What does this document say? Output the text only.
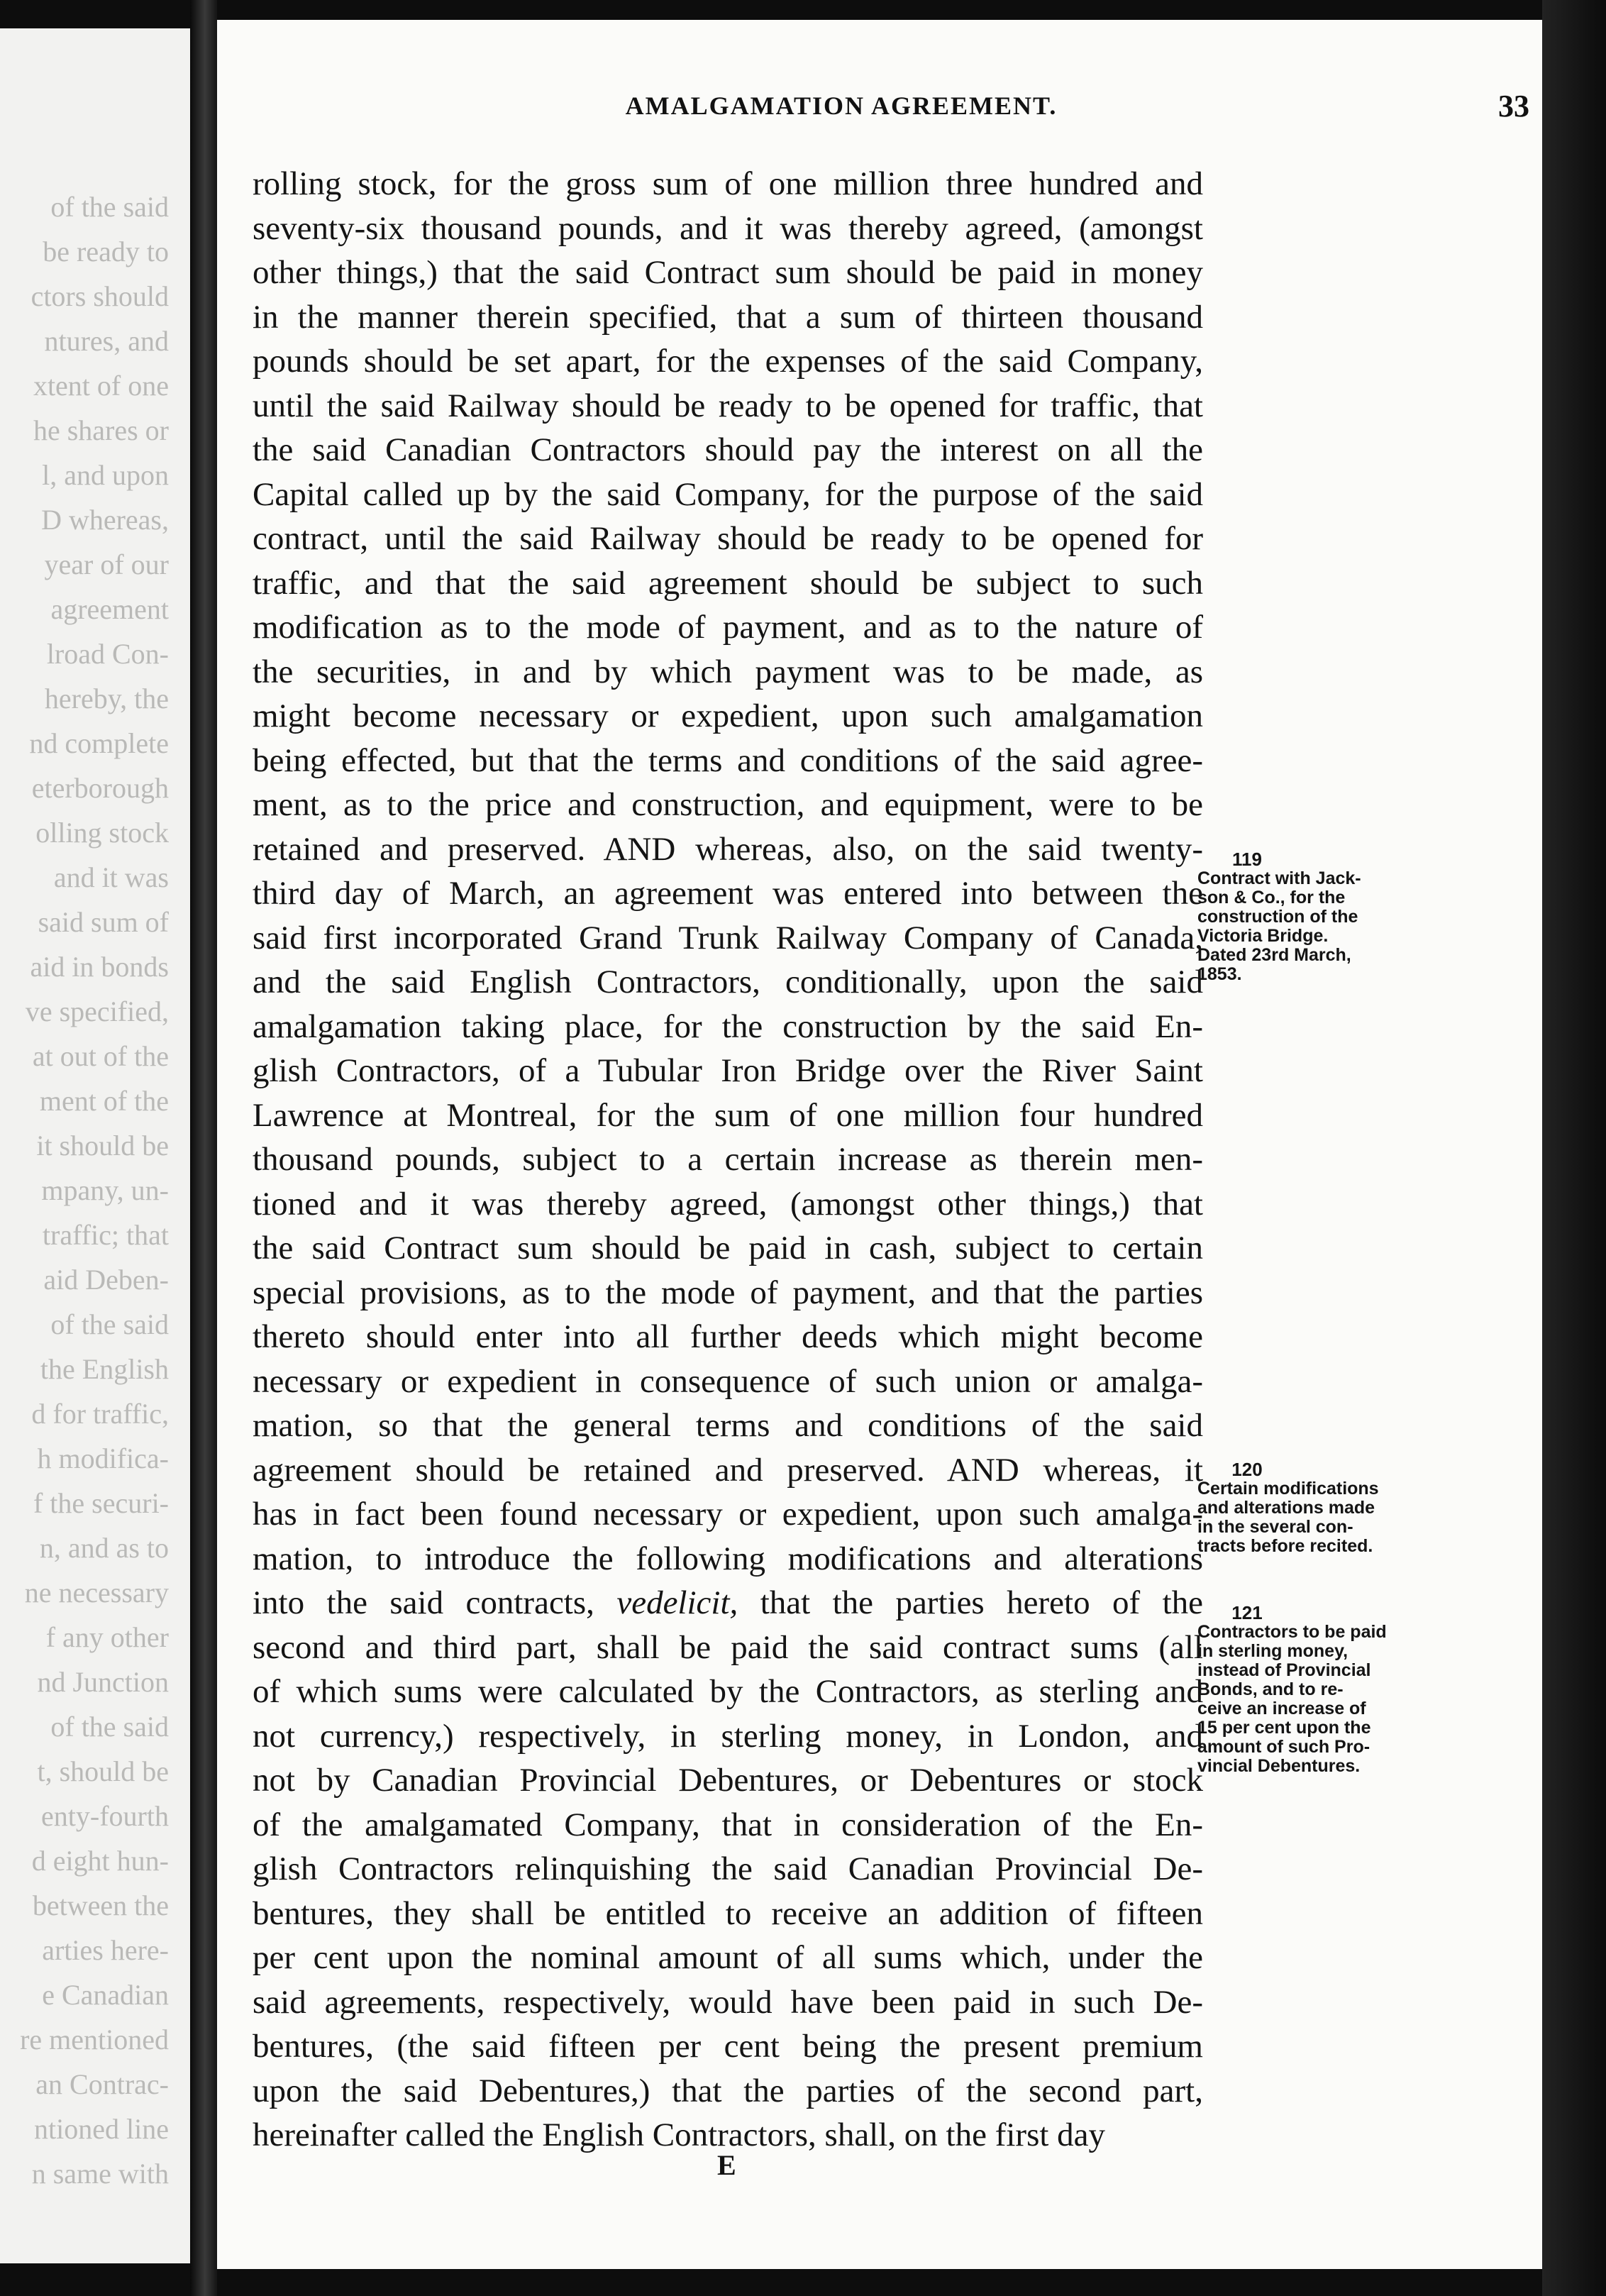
of the said
be ready to
ctors should
ntures, and
xtent of one
he shares or
l, and upon
D whereas,
year of our
agreement
lroad Con-
hereby, the
nd complete
eterborough
olling stock
and it was
said sum of
aid in bonds
ve specified,
at out of the
ment of the
it should be
mpany, un-
traffic; that
aid Deben-
of the said
the English
d for traffic,
h modifica-
f the securi-
n, and as to
ne necessary
f any other
nd Junction
of the said
t, should be
enty-fourth
d eight hun-
between the
arties here-
e Canadian
re mentioned
an Contrac-
ntioned line
n same with
AMALGAMATION AGREEMENT.	33
rolling stock, for the gross sum of one million three hundred and
seventy-six thousand pounds, and it was thereby agreed, (amongst
other things,) that the said Contract sum should be paid in money
in the manner therein specified, that a sum of thirteen thousand
pounds should be set apart, for the expenses of the said Company,
until the said Railway should be ready to be opened for traffic, that
the said Canadian Contractors should pay the interest on all the
Capital called up by the said Company, for the purpose of the said
contract, until the said Railway should be ready to be opened for
traffic, and that the said agreement should be subject to such
modification as to the mode of payment, and as to the nature of
the securities, in and by which payment was to be made, as
might become necessary or expedient, upon such amalgamation
being effected, but that the terms and conditions of the said agree-
ment, as to the price and construction, and equipment, were to be
retained and preserved. AND whereas, also, on the said twenty-
third day of March, an agreement was entered into between the
said first incorporated Grand Trunk Railway Company of Canada,
and the said English Contractors, conditionally, upon the said
amalgamation taking place, for the construction by the said En-
glish Contractors, of a Tubular Iron Bridge over the River Saint
Lawrence at Montreal, for the sum of one million four hundred
thousand pounds, subject to a certain increase as therein men-
tioned and it was thereby agreed, (amongst other things,) that
the said Contract sum should be paid in cash, subject to certain
special provisions, as to the mode of payment, and that the parties
thereto should enter into all further deeds which might become
necessary or expedient in consequence of such union or amalga-
mation, so that the general terms and conditions of the said
agreement should be retained and preserved. AND whereas, it
has in fact been found necessary or expedient, upon such amalga-
mation, to introduce the following modifications and alterations
into the said contracts, vedelicit, that the parties hereto of the
second and third part, shall be paid the said contract sums (all
of which sums were calculated by the Contractors, as sterling and
not currency,) respectively, in sterling money, in London, and
not by Canadian Provincial Debentures, or Debentures or stock
of the amalgamated Company, that in consideration of the En-
glish Contractors relinquishing the said Canadian Provincial De-
bentures, they shall be entitled to receive an addition of fifteen
per cent upon the nominal amount of all sums which, under the
said agreements, respectively, would have been paid in such De-
bentures, (the said fifteen per cent being the present premium
upon the said Debentures,) that the parties of the second part,
hereinafter called the English Contractors, shall, on the first day
119
Contract with Jack-
son & Co., for the
construction of the
Victoria Bridge.
Dated 23rd March,
1853.
120
Certain modifications
and alterations made
in the several con-
tracts before recited.
121
Contractors to be paid
in sterling money,
instead of Provincial
Bonds, and to re-
ceive an increase of
15 per cent upon the
amount of such Pro-
vincial Debentures.
E
